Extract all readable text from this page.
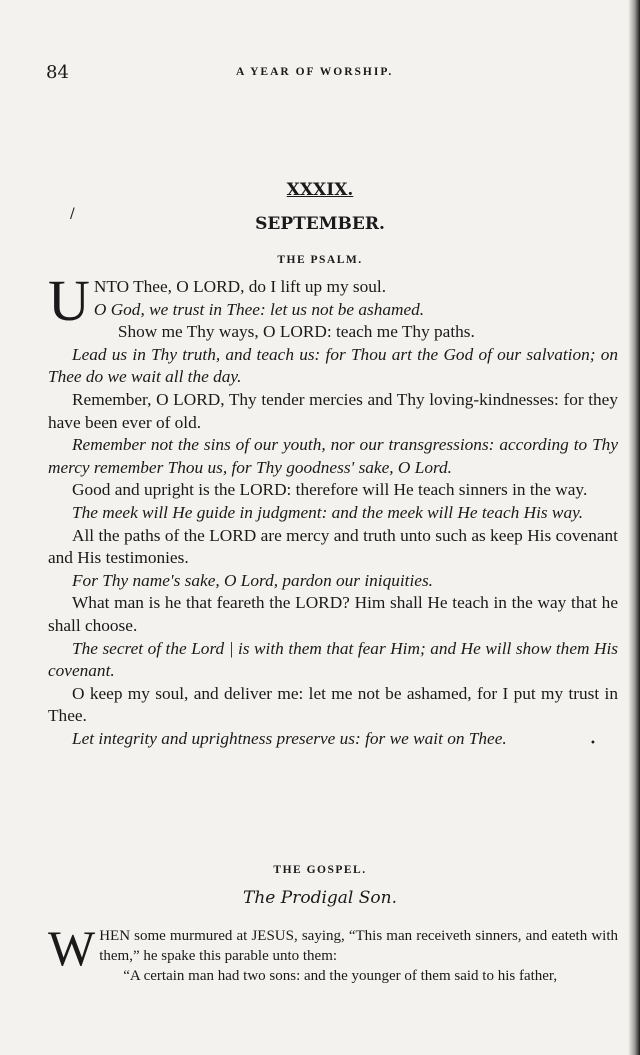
84	A YEAR OF WORSHIP.
XXXIX.
/	SEPTEMBER.
THE PSALM.

U NTO Thee, O LORD, do I lift up my soul.

O God, we trust in Thee: let us not be ashamed.

Show me Thy ways, O LORD: teach me Thy paths.

Lead us in Thy truth, and teach us: for Thou art the God of our salvation; on Thee do we wait all the day.

Remember, O LORD, Thy tender mercies and Thy loving-kindnesses: for they have been ever of old.

Remember not the sins of our youth, nor our transgressions: according to Thy mercy remember Thou us, for Thy goodness' sake, O Lord.

Good and upright is the LORD: therefore will He teach sinners in the way.

The meek will He guide in judgment: and the meek will He teach His way.

All the paths of the LORD are mercy and truth unto such as keep His covenant and His testimonies.

For Thy name's sake, O Lord, pardon our iniquities.

What man is he that feareth the LORD? Him shall He teach in the way that he shall choose.

The secret of the Lord | is with them that fear Him; and He will show them His covenant.

O keep my soul, and deliver me: let me not be ashamed, for I put my trust in Thee.

Let integrity and uprightness preserve us: for we wait on Thee.	•
THE GOSPEL.
The Prodigal Son.

W HEN some murmured at JESUS, saying, “This man receiveth sinners, and eateth with them,” he spake this parable unto them:

“A certain man had two sons: and the younger of them said to his father,
